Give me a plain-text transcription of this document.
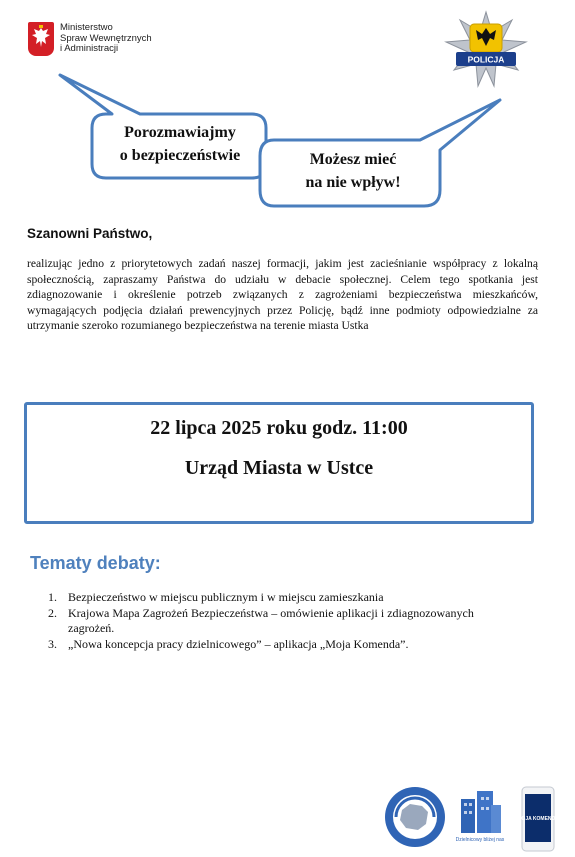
Ministerstwo
Spraw Wewnętrznych
i Administracji
POLICJA
Porozmawiajmy
o bezpieczeństwie	Możesz mieć
na nie wpływ!
Szanowni Państwo,
realizując jedno z priorytetowych zadań naszej formacji, jakim jest zacieśnianie współpracy z lokalną społecznością, zapraszamy Państwa do udziału w debacie społecznej. Celem tego spotkania jest zdiagnozowanie i określenie potrzeb związanych z zagrożeniami bezpieczeństwa mieszkańców, wymagających podjęcia działań prewencyjnych przez Policję, bądź inne podmioty odpowiedzialne za utrzymanie szeroko rozumianego bezpieczeństwa na terenie miasta Ustka
22 lipca 2025 roku godz. 11:00
Urząd Miasta w Ustce
Tematy debaty:
1. Bezpieczeństwo w miejscu publicznym i w miejscu zamieszkania
2. Krajowa Mapa Zagrożeń Bezpieczeństwa – omówienie aplikacji i zdiagnozowanych zagrożeń.
3. „Nowa koncepcja pracy dzielnicowego” – aplikacja „Moja Komenda”.
Dzielnicowy bliżej nas
MOJA KOMENDA
